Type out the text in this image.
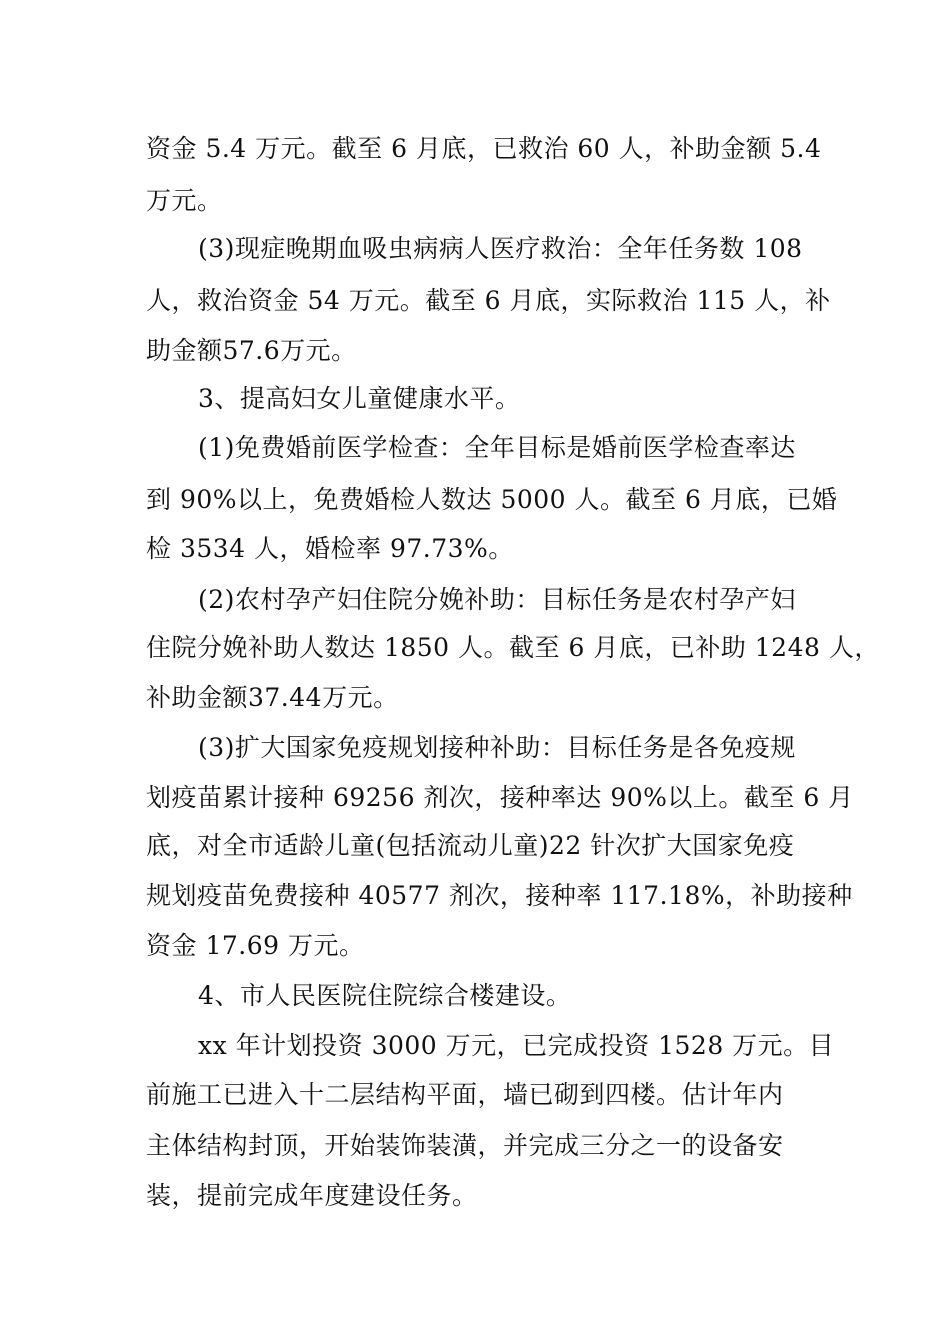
资金 5.4 万元。截至 6 月底，已救治 60 人，补助金额 5.4

万元。

(3)现症晚期血吸虫病病人医疗救治：全年任务数 108

人，救治资金 54 万元。截至 6 月底，实际救治 115 人，补

助金额57.6万元。

3、提高妇女儿童健康水平。

(1)免费婚前医学检查：全年目标是婚前医学检查率达

到 90%以上，免费婚检人数达 5000 人。截至 6 月底，已婚

检 3534 人，婚检率 97.73%。

(2)农村孕产妇住院分娩补助：目标任务是农村孕产妇

住院分娩补助人数达 1850 人。截至 6 月底，已补助 1248 人，

补助金额37.44万元。

(3)扩大国家免疫规划接种补助：目标任务是各免疫规

划疫苗累计接种 69256 剂次，接种率达 90%以上。截至 6 月

底，对全市适龄儿童(包括流动儿童)22 针次扩大国家免疫

规划疫苗免费接种 40577 剂次，接种率 117.18%，补助接种

资金 17.69 万元。

4、市人民医院住院综合楼建设。

xx 年计划投资 3000 万元，已完成投资 1528 万元。目

前施工已进入十二层结构平面，墙已砌到四楼。估计年内

主体结构封顶，开始装饰装潢，并完成三分之一的设备安

装，提前完成年度建设任务。
